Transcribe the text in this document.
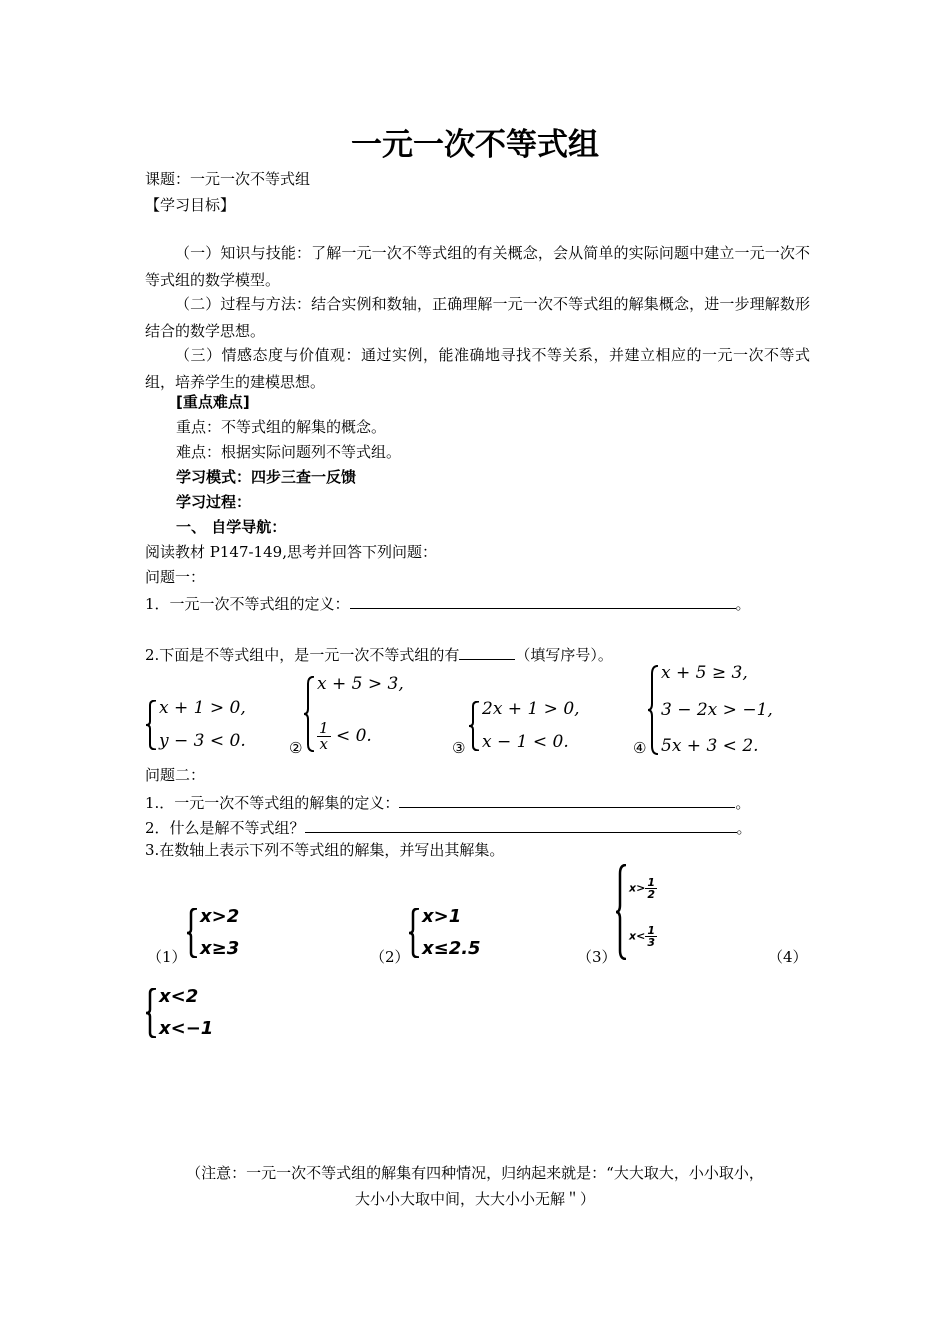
一元一次不等式组
课题：一元一次不等式组
【学习目标】
（一）知识与技能：了解一元一次不等式组的有关概念，会从简单的实际问题中建立一元一次不等式组的数学模型。
（二）过程与方法：结合实例和数轴，正确理解一元一次不等式组的解集概念，进一步理解数形结合的数学思想。
（三）情感态度与价值观：通过实例，能准确地寻找不等关系，并建立相应的一元一次不等式组，培养学生的建模思想。
[重点难点]
重点：不等式组的解集的概念。
难点：根据实际问题列不等式组。
学习模式：四步三查一反馈
学习过程：
一、 自学导航：
阅读教材 P147-149,思考并回答下列问题：
问题一：
1．一元一次不等式组的定义：	。
2.下面是不等式组中，是一元一次不等式组的有	（填写序号）。
x + 1 > 0,
y − 3 < 0.	②
x + 5 > 3,
$\frac{1}{x} < 0$.
③
2x + 1 > 0,
x − 1 < 0.	④
x + 5 ≥ 3,
3 − 2x > −1,
5x + 3 < 2.
问题二：
1.．一元一次不等式组的解集的定义：	。
2．什么是解不等式组？	。
3.在数轴上表示下列不等式组的解集，并写出其解集。
（1）
x>2
x≥3	（2）
x>1
x≤2.5	（3）
$x> \frac{1}{2}$
$x< \frac{1}{3}$
（4）
x<2
x<−1
（注意：一元一次不等式组的解集有四种情况，归纳起来就是：“大大取大，小小取小，
大小小大取中间，大大小小无解＂）
